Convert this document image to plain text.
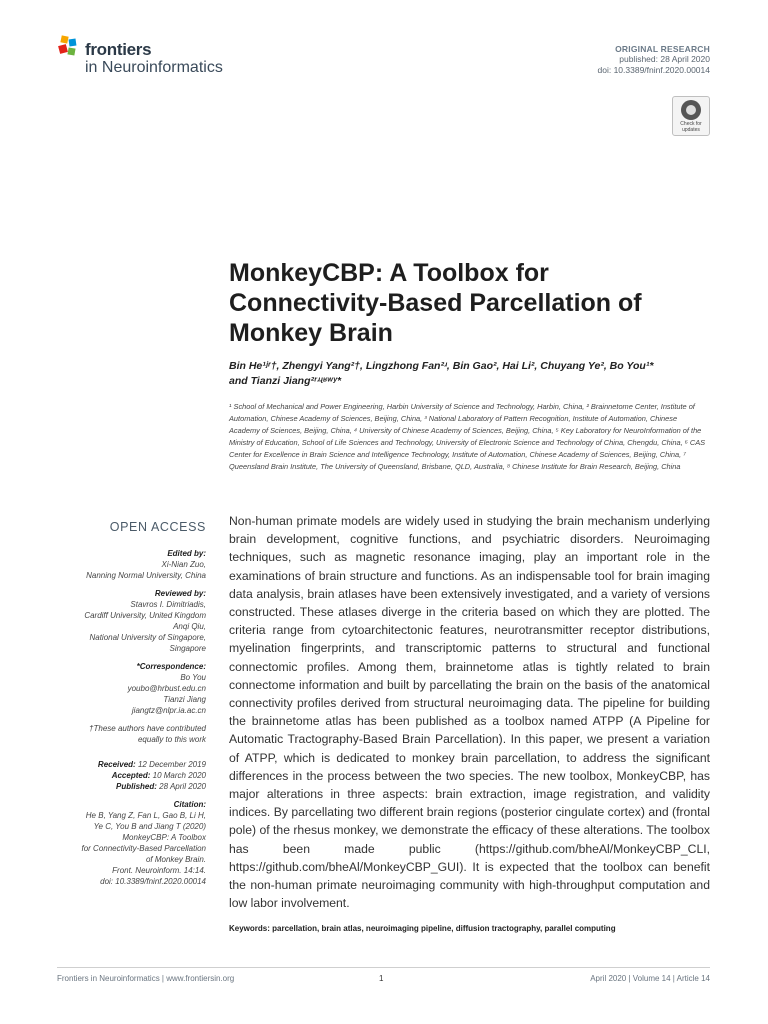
frontiers
in Neuroinformatics
ORIGINAL RESEARCH
published: 28 April 2020
doi: 10.3389/fninf.2020.00014
Check for updates
MonkeyCBP: A Toolbox for Connectivity-Based Parcellation of Monkey Brain
Bin He¹ʲʳ†, Zhengyi Yang²†, Lingzhong Fan²ʴ, Bin Gao², Hai Li², Chuyang Ye², Bo You¹*
and Tianzi Jiang²ʳʴʵʶʷʸ*
¹ School of Mechanical and Power Engineering, Harbin University of Science and Technology, Harbin, China, ² Brainnetome Center, Institute of Automation, Chinese Academy of Sciences, Beijing, China, ³ National Laboratory of Pattern Recognition, Institute of Automation, Chinese Academy of Sciences, Beijing, China, ⁴ University of Chinese Academy of Sciences, Beijing, China, ⁵ Key Laboratory for NeuroInformation of the Ministry of Education, School of Life Sciences and Technology, University of Electronic Science and Technology of China, Chengdu, China, ⁶ CAS Center for Excellence in Brain Science and Intelligence Technology, Institute of Automation, Chinese Academy of Sciences, Beijing, China, ⁷ Queensland Brain Institute, The University of Queensland, Brisbane, QLD, Australia, ⁸ Chinese Institute for Brain Research, Beijing, China
OPEN ACCESS
Edited by:
Xi-Nian Zuo,
Nanning Normal University, China
Reviewed by:
Stavros I. Dimitriadis,
Cardiff University, United Kingdom
Anqi Qiu,
National University of Singapore,
Singapore
*Correspondence:
Bo You
youbo@hrbust.edu.cn
Tianzi Jiang
jiangtz@nlpr.ia.ac.cn
†These authors have contributed
equally to this work
Received: 12 December 2019
Accepted: 10 March 2020
Published: 28 April 2020
Citation:
He B, Yang Z, Fan L, Gao B, Li H,
Ye C, You B and Jiang T (2020)
MonkeyCBP: A Toolbox
for Connectivity-Based Parcellation
of Monkey Brain.
Front. Neuroinform. 14:14.
doi: 10.3389/fninf.2020.00014

Non-human primate models are widely used in studying the brain mechanism underlying brain development, cognitive functions, and psychiatric disorders. Neuroimaging techniques, such as magnetic resonance imaging, play an important role in the examinations of brain structure and functions. As an indispensable tool for brain imaging data analysis, brain atlases have been extensively investigated, and a variety of versions constructed. These atlases diverge in the criteria based on which they are plotted. The criteria range from cytoarchitectonic features, neurotransmitter receptor distributions, myelination fingerprints, and transcriptomic patterns to structural and functional connectomic profiles. Among them, brainnetome atlas is tightly related to brain connectome information and built by parcellating the brain on the basis of the anatomical connectivity profiles derived from structural neuroimaging data. The pipeline for building the brainnetome atlas has been published as a toolbox named ATPP (A Pipeline for Automatic Tractography-Based Brain Parcellation). In this paper, we present a variation of ATPP, which is dedicated to monkey brain parcellation, to address the significant differences in the process between the two species. The new toolbox, MonkeyCBP, has major alterations in three aspects: brain extraction, image registration, and validity indices. By parcellating two different brain regions (posterior cingulate cortex) and (frontal pole) of the rhesus monkey, we demonstrate the efficacy of these alterations. The toolbox has been made public (https://github.com/bheAl/MonkeyCBP_CLI, https://github.com/bheAl/MonkeyCBP_GUI). It is expected that the toolbox can benefit the non-human primate neuroimaging community with high-throughput computation and low labor involvement.

Keywords: parcellation, brain atlas, neuroimaging pipeline, diffusion tractography, parallel computing
Frontiers in Neuroinformatics | www.frontiersin.org	1	April 2020 | Volume 14 | Article 14
